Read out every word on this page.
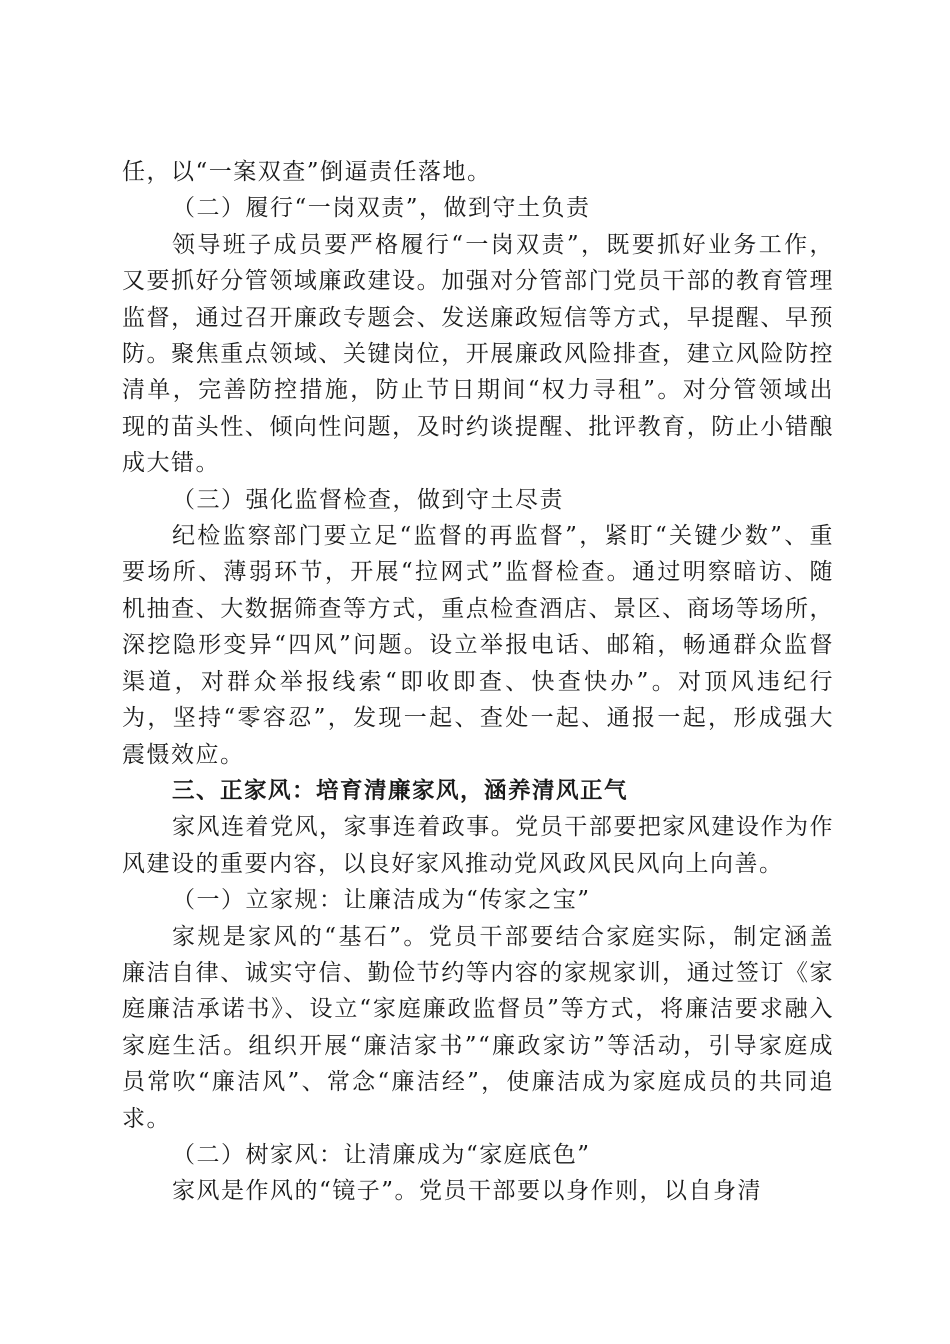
任，以“一案双查”倒逼责任落地。

（二）履行“一岗双责”，做到守土负责

领导班子成员要严格履行“一岗双责”，既要抓好业务工作，又要抓好分管领域廉政建设。加强对分管部门党员干部的教育管理监督，通过召开廉政专题会、发送廉政短信等方式，早提醒、早预防。聚焦重点领域、关键岗位，开展廉政风险排查，建立风险防控清单，完善防控措施，防止节日期间“权力寻租”。对分管领域出现的苗头性、倾向性问题，及时约谈提醒、批评教育，防止小错酿成大错。

（三）强化监督检查，做到守土尽责

纪检监察部门要立足“监督的再监督”，紧盯“关键少数”、重要场所、薄弱环节，开展“拉网式”监督检查。通过明察暗访、随机抽查、大数据筛查等方式，重点检查酒店、景区、商场等场所，深挖隐形变异“四风”问题。设立举报电话、邮箱，畅通群众监督渠道，对群众举报线索“即收即查、快查快办”。对顶风违纪行为，坚持“零容忍”，发现一起、查处一起、通报一起，形成强大震慑效应。

三、正家风：培育清廉家风，涵养清风正气

家风连着党风，家事连着政事。党员干部要把家风建设作为作风建设的重要内容，以良好家风推动党风政风民风向上向善。

（一）立家规：让廉洁成为“传家之宝”

家规是家风的“基石”。党员干部要结合家庭实际，制定涵盖廉洁自律、诚实守信、勤俭节约等内容的家规家训，通过签订《家庭廉洁承诺书》、设立“家庭廉政监督员”等方式，将廉洁要求融入家庭生活。组织开展“廉洁家书”“廉政家访”等活动，引导家庭成员常吹“廉洁风”、常念“廉洁经”，使廉洁成为家庭成员的共同追求。

（二）树家风：让清廉成为“家庭底色”

家风是作风的“镜子”。党员干部要以身作则，以自身清
